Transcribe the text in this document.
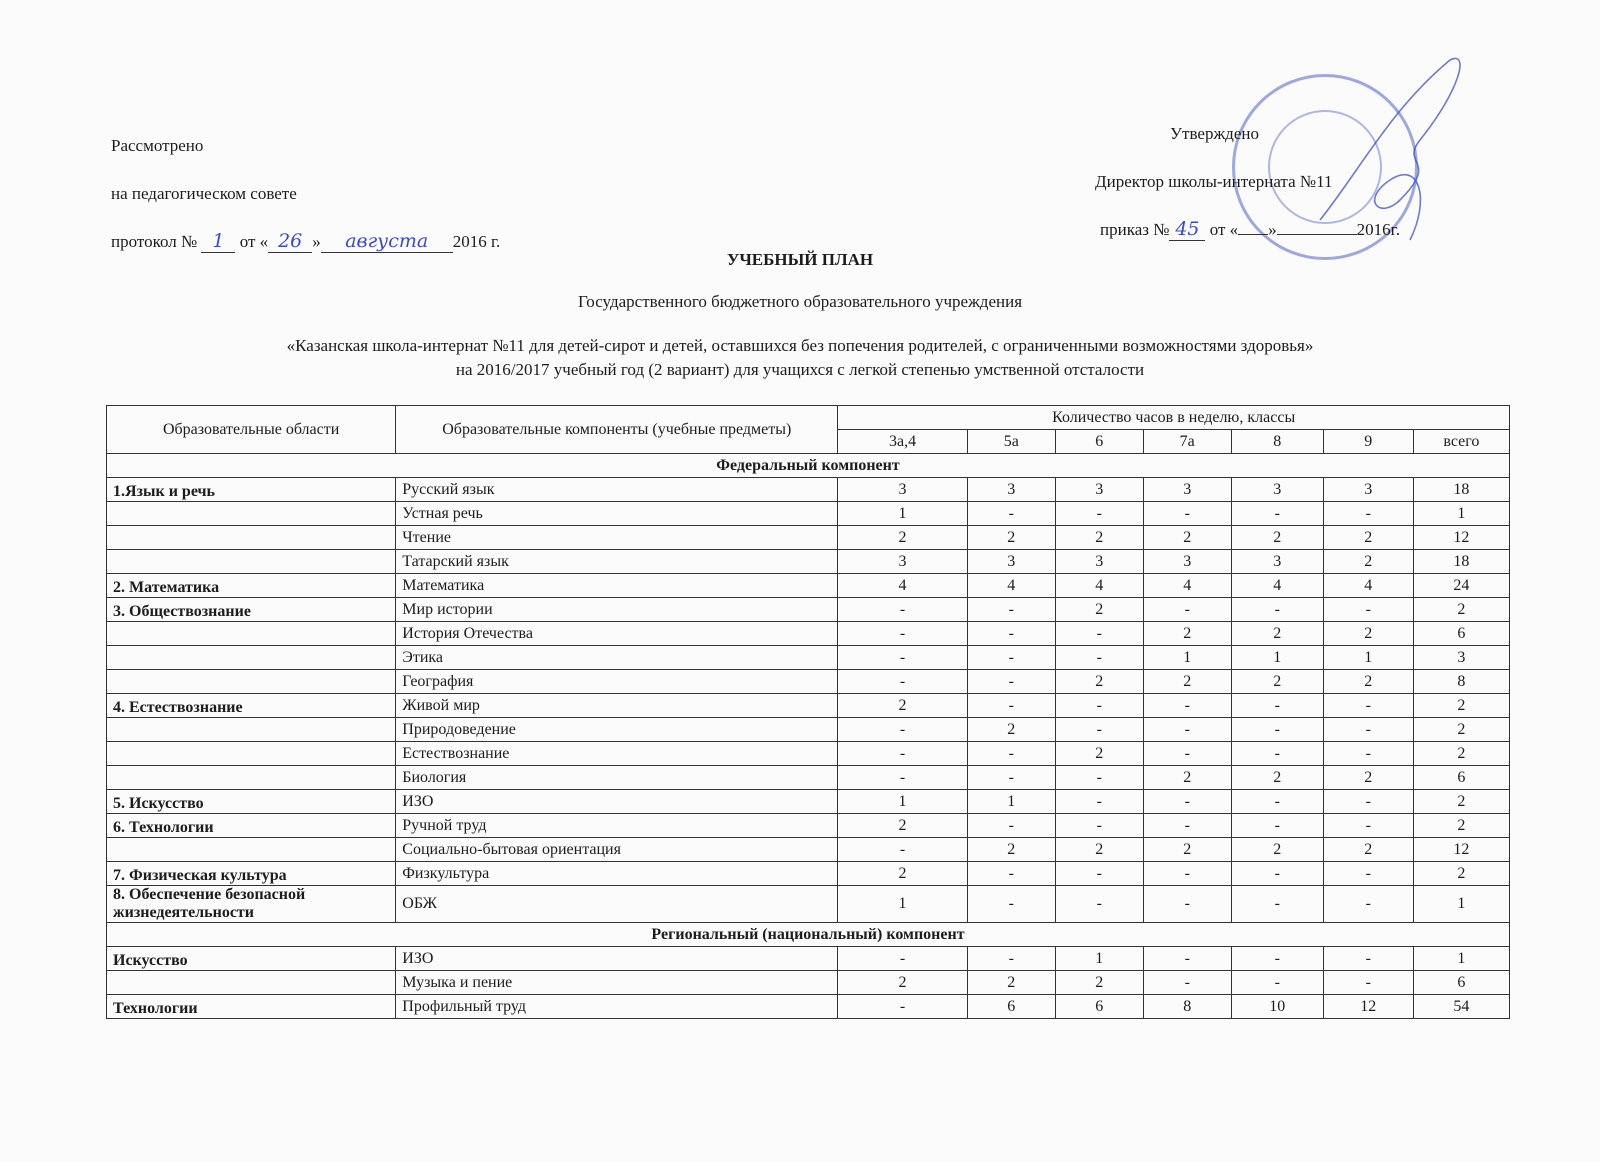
Рассмотрено
на педагогическом совете
протокол № 1 от « 26 » августа 2016 г.
Утверждено
Директор школы-интерната №11
приказ № 45 от « »	2016г.
УЧЕБНЫЙ ПЛАН
Государственного бюджетного образовательного учреждения
«Казанская школа-интернат №11 для детей-сирот и детей, оставшихся без попечения родителей, с ограниченными возможностями здоровья»
на 2016/2017 учебный год (2 вариант) для учащихся с легкой степенью умственной отсталости
Образовательные области	Образовательные компоненты (учебные предметы)	Количество часов в неделю, классы						
		3а,4	5а	6	7а	8	9	всего
Федеральный компонент								
1.Язык и речь	Русский язык	3	3	3	3	3	3	18
	Устная речь	1	-	-	-	-	-	1
	Чтение	2	2	2	2	2	2	12
	Татарский язык	3	3	3	3	3	2	18
2. Математика	Математика	4	4	4	4	4	4	24
3. Обществознание	Мир истории	-	-	2	-	-	-	2
	История Отечества	-	-	-	2	2	2	6
	Этика	-	-	-	1	1	1	3
	География	-	-	2	2	2	2	8
4. Естествознание	Живой мир	2	-	-	-	-	-	2
	Природоведение	-	2	-	-	-	-	2
	Естествознание	-	-	2	-	-	-	2
	Биология	-	-	-	2	2	2	6
5. Искусство	ИЗО	1	1	-	-	-	-	2
6. Технологии	Ручной труд	2	-	-	-	-	-	2
	Социально-бытовая ориентация	-	2	2	2	2	2	12
7. Физическая культура	Физкультура	2	-	-	-	-	-	2
8. Обеспечение безопасной жизнедеятельности	ОБЖ	1	-	-	-	-	-	1
Региональный (национальный) компонент								
Искусство	ИЗО	-	-	1	-	-	-	1
	Музыка и пение	2	2	2	-	-	-	6
Технологии	Профильный труд	-	6	6	8	10	12	54
